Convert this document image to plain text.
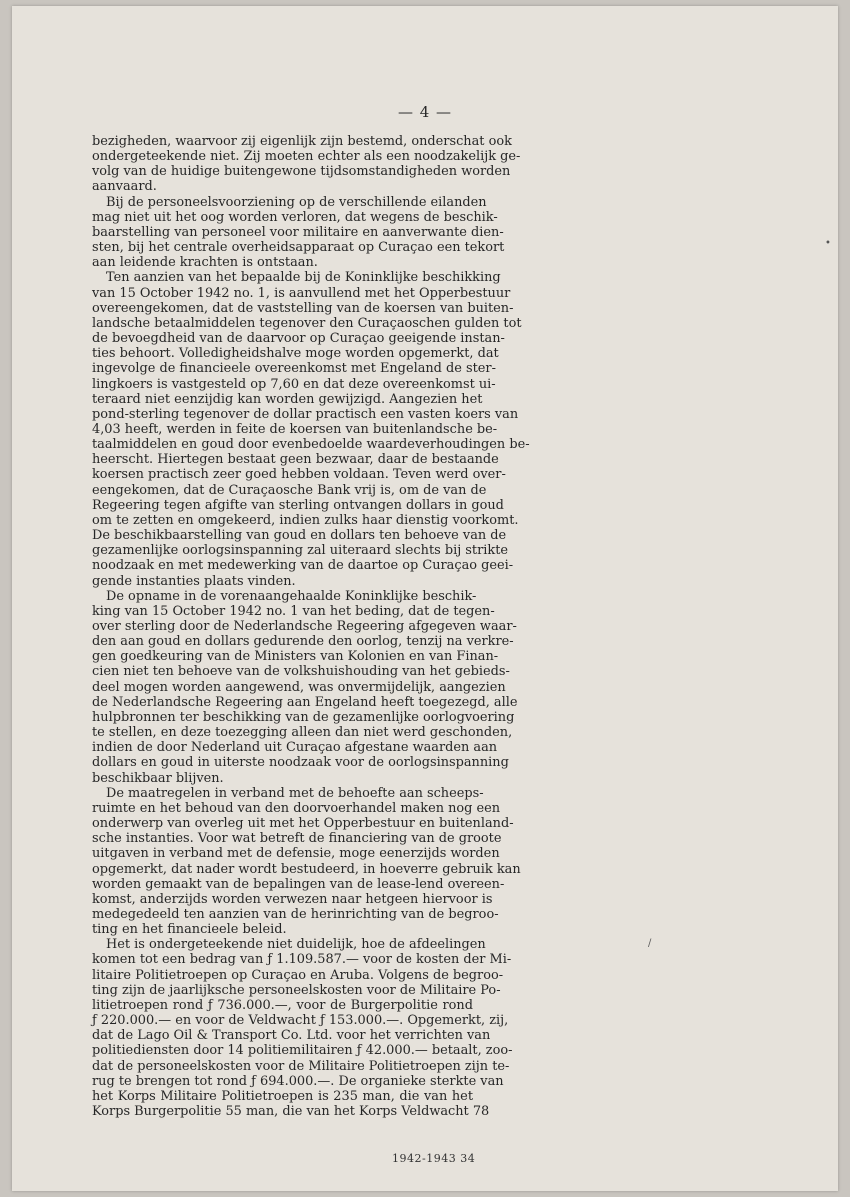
— 4 —
bezigheden, waarvoor zij eigenlijk zijn bestemd, onderschat ook
ondergeteekende niet. Zij moeten echter als een noodzakelijk ge-
volg van de huidige buitengewone tijdsomstandigheden worden
aanvaard.
Bij de personeelsvoorziening op de verschillende eilanden
mag niet uit het oog worden verloren, dat wegens de beschik-
baarstelling van personeel voor militaire en aanverwante dien-
sten, bij het centrale overheidsapparaat op Curaçao een tekort
aan leidende krachten is ontstaan.
Ten aanzien van het bepaalde bij de Koninklijke beschikking
van 15 October 1942 no. 1, is aanvullend met het Opperbestuur
overeengekomen, dat de vaststelling van de koersen van buiten-
landsche betaalmiddelen tegenover den Curaçaoschen gulden tot
de bevoegdheid van de daarvoor op Curaçao geeigende instan-
ties behoort. Volledigheidshalve moge worden opgemerkt, dat
ingevolge de financieele overeenkomst met Engeland de ster-
lingkoers is vastgesteld op 7,60 en dat deze overeenkomst ui-
teraard niet eenzijdig kan worden gewijzigd. Aangezien het
pond-sterling tegenover de dollar practisch een vasten koers van
4,03 heeft, werden in feite de koersen van buitenlandsche be-
taalmiddelen en goud door evenbedoelde waardeverhoudingen be-
heerscht. Hiertegen bestaat geen bezwaar, daar de bestaande
koersen practisch zeer goed hebben voldaan. Teven werd over-
eengekomen, dat de Curaçaosche Bank vrij is, om de van de
Regeering tegen afgifte van sterling ontvangen dollars in goud
om te zetten en omgekeerd, indien zulks haar dienstig voorkomt.
De beschikbaarstelling van goud en dollars ten behoeve van de
gezamenlijke oorlogsinspanning zal uiteraard slechts bij strikte
noodzaak en met medewerking van de daartoe op Curaçao geei-
gende instanties plaats vinden.
De opname in de vorenaangehaalde Koninklijke beschik-
king van 15 October 1942 no. 1 van het beding, dat de tegen-
over sterling door de Nederlandsche Regeering afgegeven waar-
den aan goud en dollars gedurende den oorlog, tenzij na verkre-
gen goedkeuring van de Ministers van Kolonien en van Finan-
cien niet ten behoeve van de volkshuishouding van het gebieds-
deel mogen worden aangewend, was onvermijdelijk, aangezien
de Nederlandsche Regeering aan Engeland heeft toegezegd, alle
hulpbronnen ter beschikking van de gezamenlijke oorlogvoering
te stellen, en deze toezegging alleen dan niet werd geschonden,
indien de door Nederland uit Curaçao afgestane waarden aan
dollars en goud in uiterste noodzaak voor de oorlogsinspanning
beschikbaar blijven.
De maatregelen in verband met de behoefte aan scheeps-
ruimte en het behoud van den doorvoerhandel maken nog een
onderwerp van overleg uit met het Opperbestuur en buitenland-
sche instanties. Voor wat betreft de financiering van de groote
uitgaven in verband met de defensie, moge eenerzijds worden
opgemerkt, dat nader wordt bestudeerd, in hoeverre gebruik kan
worden gemaakt van de bepalingen van de lease-lend overeen-
komst, anderzijds worden verwezen naar hetgeen hiervoor is
medegedeeld ten aanzien van de herinrichting van de begroo-
ting en het financieele beleid.
Het is ondergeteekende niet duidelijk, hoe de afdeelingen
komen tot een bedrag van ƒ 1.109.587.— voor de kosten der Mi-
litaire Politietroepen op Curaçao en Aruba. Volgens de begroo-
ting zijn de jaarlijksche personeelskosten voor de Militaire Po-
litietroepen rond ƒ 736.000.—, voor de Burgerpolitie rond
ƒ 220.000.— en voor de Veldwacht ƒ 153.000.—. Opgemerkt, zij,
dat de Lago Oil & Transport Co. Ltd. voor het verrichten van
politiediensten door 14 politiemilitairen ƒ 42.000.— betaalt, zoo-
dat de personeelskosten voor de Militaire Politietroepen zijn te-
rug te brengen tot rond ƒ 694.000.—. De organieke sterkte van
het Korps Militaire Politietroepen is 235 man, die van het
Korps Burgerpolitie 55 man, die van het Korps Veldwacht 78
1942-1943 34
•
/
